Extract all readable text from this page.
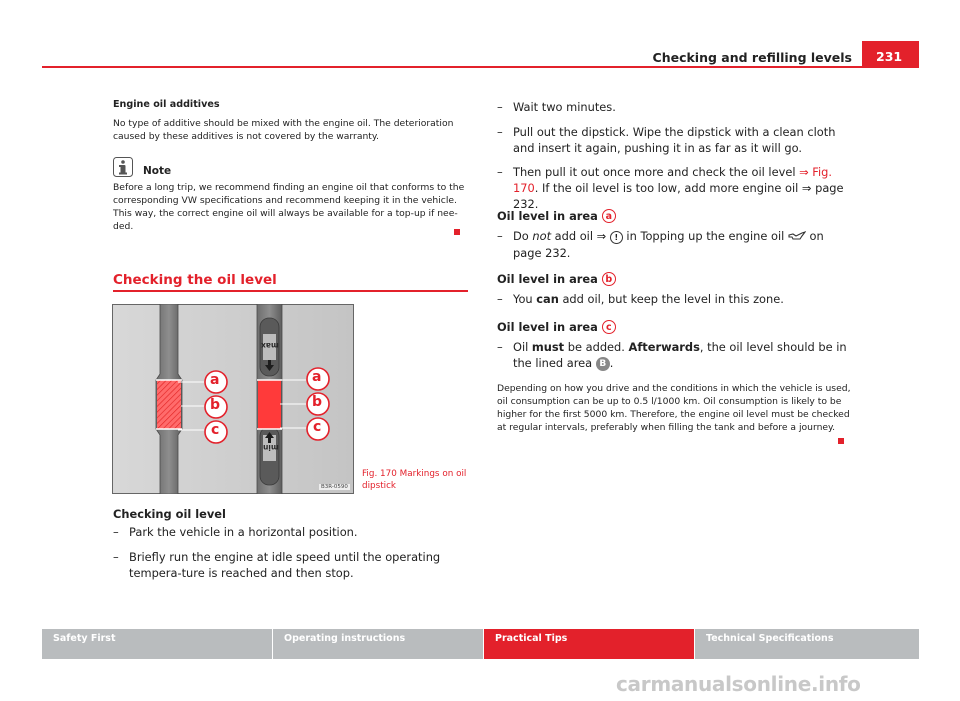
Checking and refilling levels	231
Engine oil additives
No type of additive should be mixed with the engine oil. The deterioration caused by these additives is not covered by the warranty.
Note
Before a long trip, we recommend finding an engine oil that conforms to the corresponding VW specifications and recommend keeping it in the vehicle. This way, the correct engine oil will always be available for a top-up if nee-ded.
Checking the oil level
a
b
c
a
b
c
max
min
B3R-0590
Fig. 170 Markings on oil dipstick
Checking oil level
– Park the vehicle in a horizontal position.
– Briefly run the engine at idle speed until the operating tempera-ture is reached and then stop.
– Wait two minutes.
– Pull out the dipstick. Wipe the dipstick with a clean cloth and insert it again, pushing it in as far as it will go.
– Then pull it out once more and check the oil level ⇒ Fig. 170. If the oil level is too low, add more engine oil ⇒ page 232.
Oil level in area a
– Do not add oil ⇒ ! in Topping up the engine oil  on page 232.
Oil level in area b
– You can add oil, but keep the level in this zone.
Oil level in area c
– Oil must be added. Afterwards, the oil level should be in the lined area B .
Depending on how you drive and the conditions in which the vehicle is used, oil consumption can be up to 0.5 l/1000 km. Oil consumption is likely to be higher for the first 5000 km. Therefore, the engine oil level must be checked at regular intervals, preferably when filling the tank and before a journey.
Safety First	Operating instructions	Practical Tips	Technical Specifications
carmanualsonline.info
